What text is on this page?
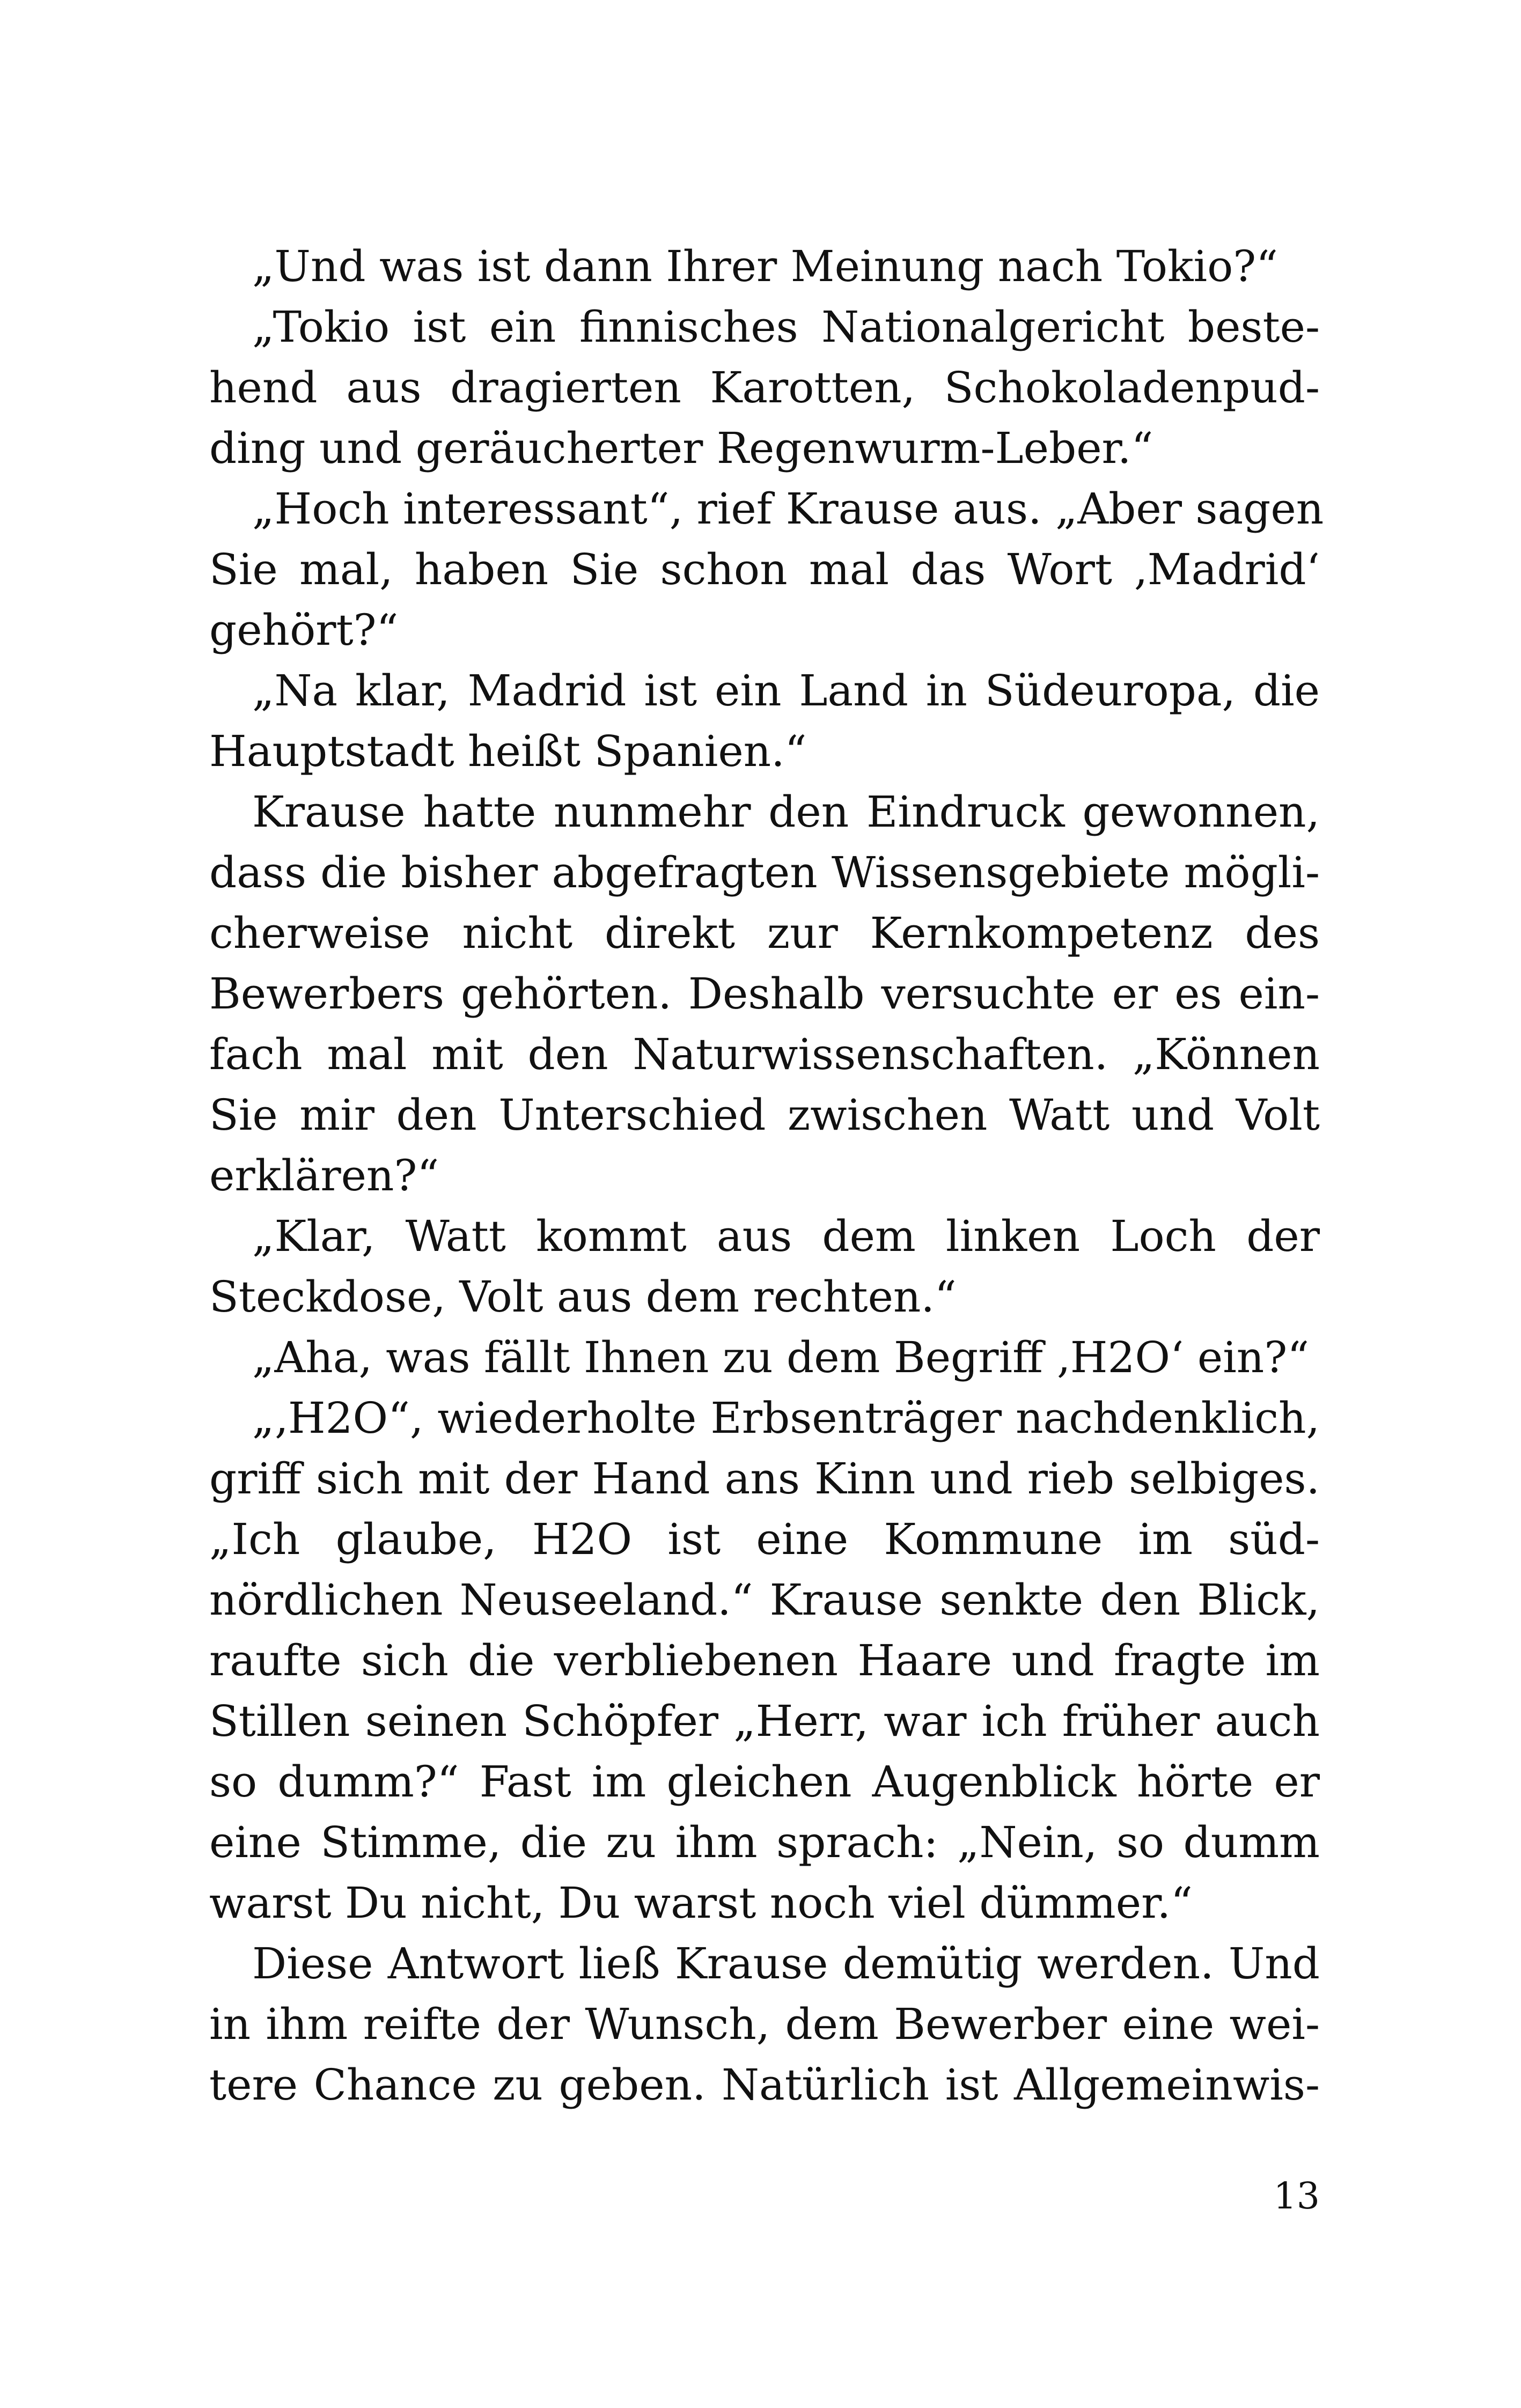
„Und was ist dann Ihrer Meinung nach Tokio?“
„Tokio ist ein finnisches Nationalgericht beste-
hend aus dragierten Karotten, Schokoladenpud-
ding und geräucherter Regenwurm-Leber.“
„Hoch interessant“, rief Krause aus. „Aber sagen
Sie mal, haben Sie schon mal das Wort ‚Madrid‘
gehört?“
„Na klar, Madrid ist ein Land in Südeuropa, die
Hauptstadt heißt Spanien.“
Krause hatte nunmehr den Eindruck gewonnen,
dass die bisher abgefragten Wissensgebiete mögli-
cherweise nicht direkt zur Kernkompetenz des
Bewerbers gehörten. Deshalb versuchte er es ein-
fach mal mit den Naturwissenschaften. „Können
Sie mir den Unterschied zwischen Watt und Volt
erklären?“
„Klar, Watt kommt aus dem linken Loch der
Steckdose, Volt aus dem rechten.“
„Aha, was fällt Ihnen zu dem Begriff ‚H2O‘ ein?“
„‚H2O“, wiederholte Erbsenträger nachdenklich,
griff sich mit der Hand ans Kinn und rieb selbiges.
„Ich glaube, H2O ist eine Kommune im süd-
nördlichen Neuseeland.“ Krause senkte den Blick,
raufte sich die verbliebenen Haare und fragte im
Stillen seinen Schöpfer „Herr, war ich früher auch
so dumm?“ Fast im gleichen Augenblick hörte er
eine Stimme, die zu ihm sprach: „Nein, so dumm
warst Du nicht, Du warst noch viel dümmer.“
Diese Antwort ließ Krause demütig werden. Und
in ihm reifte der Wunsch, dem Bewerber eine wei-
tere Chance zu geben. Natürlich ist Allgemeinwis-
13
